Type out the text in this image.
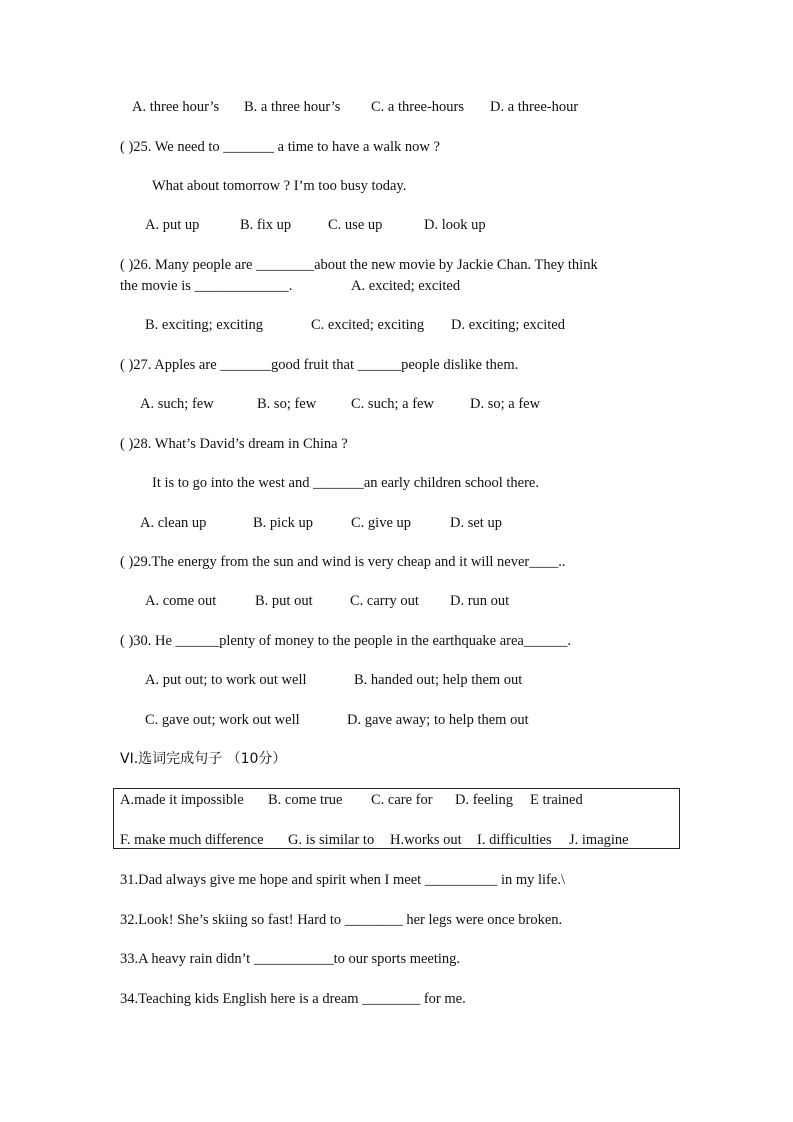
A. three hour’s B. a three hour’s C. a three-hours D. a three-hour
( )25. We need to _______ a time to have a walk now ?
What about tomorrow ? I’m too busy today.
A. put up	B. fix up	C. use up	D. look up
( )26. Many people are ________about the new movie by Jackie Chan. They think
the movie is _____________.	A. excited; excited
B. exciting; exciting	C. excited; exciting D. exciting; excited
( )27. Apples are _______good fruit that ______people dislike them.
A. such; few	B. so; few C. such; a few D. so; a few
( )28. What’s David’s dream in China ?
It is to go into the west and _______an early children school there.
A. clean up	B. pick up	C. give up	D. set up
( )29.The energy from the sun and wind is very cheap and it will never____..
A. come out	B. put out	C. carry out D. run out
( )30. He ______plenty of money to the people in the earthquake area______.
A. put out; to work out well	B. handed out; help them out
C. gave out; work out well	D. gave away; to help them out
VI.选词完成句子 （10分）
A.made it impossible B. come true C. care for D. feeling E trained
F. make much difference G. is similar to H.works out I. difficulties J. imagine
31.Dad always give me hope and spirit when I meet __________ in my life.\
32.Look! She’s skiing so fast! Hard to ________ her legs were once broken.
33.A heavy rain didn’t ___________to our sports meeting.
34.Teaching kids English here is a dream ________ for me.
